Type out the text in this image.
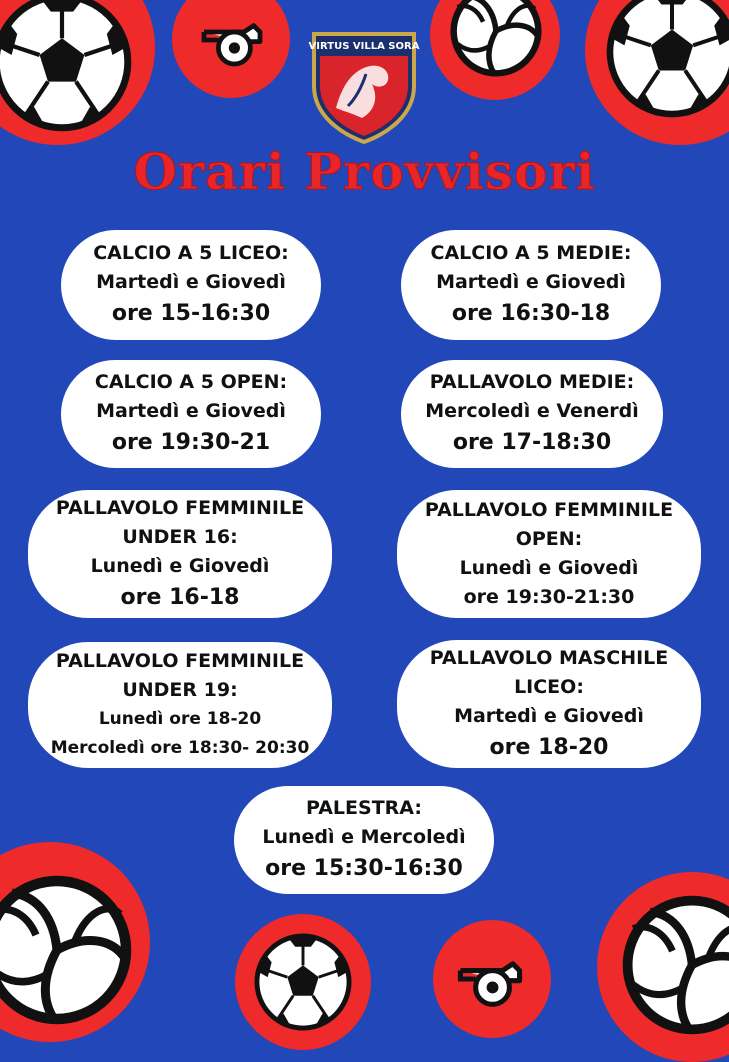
VIRTUS VILLA SORA
Orari Provvisori
CALCIO A 5 LICEO:
Martedì e Giovedì
ore 15-16:30
CALCIO A 5 MEDIE:
Martedì e Giovedì
ore 16:30-18
CALCIO A 5 OPEN:
Martedì e Giovedì
ore 19:30-21
PALLAVOLO MEDIE:
Mercoledì e Venerdì
ore 17-18:30
PALLAVOLO FEMMINILE
UNDER 16:
Lunedì e Giovedì
ore 16-18
PALLAVOLO FEMMINILE
OPEN:
Lunedì e Giovedì
ore 19:30-21:30
PALLAVOLO FEMMINILE
UNDER 19:
Lunedì ore 18-20
Mercoledì ore 18:30- 20:30
PALLAVOLO MASCHILE
LICEO:
Martedì e Giovedì
ore 18-20
PALESTRA:
Lunedì e Mercoledì
ore 15:30-16:30
